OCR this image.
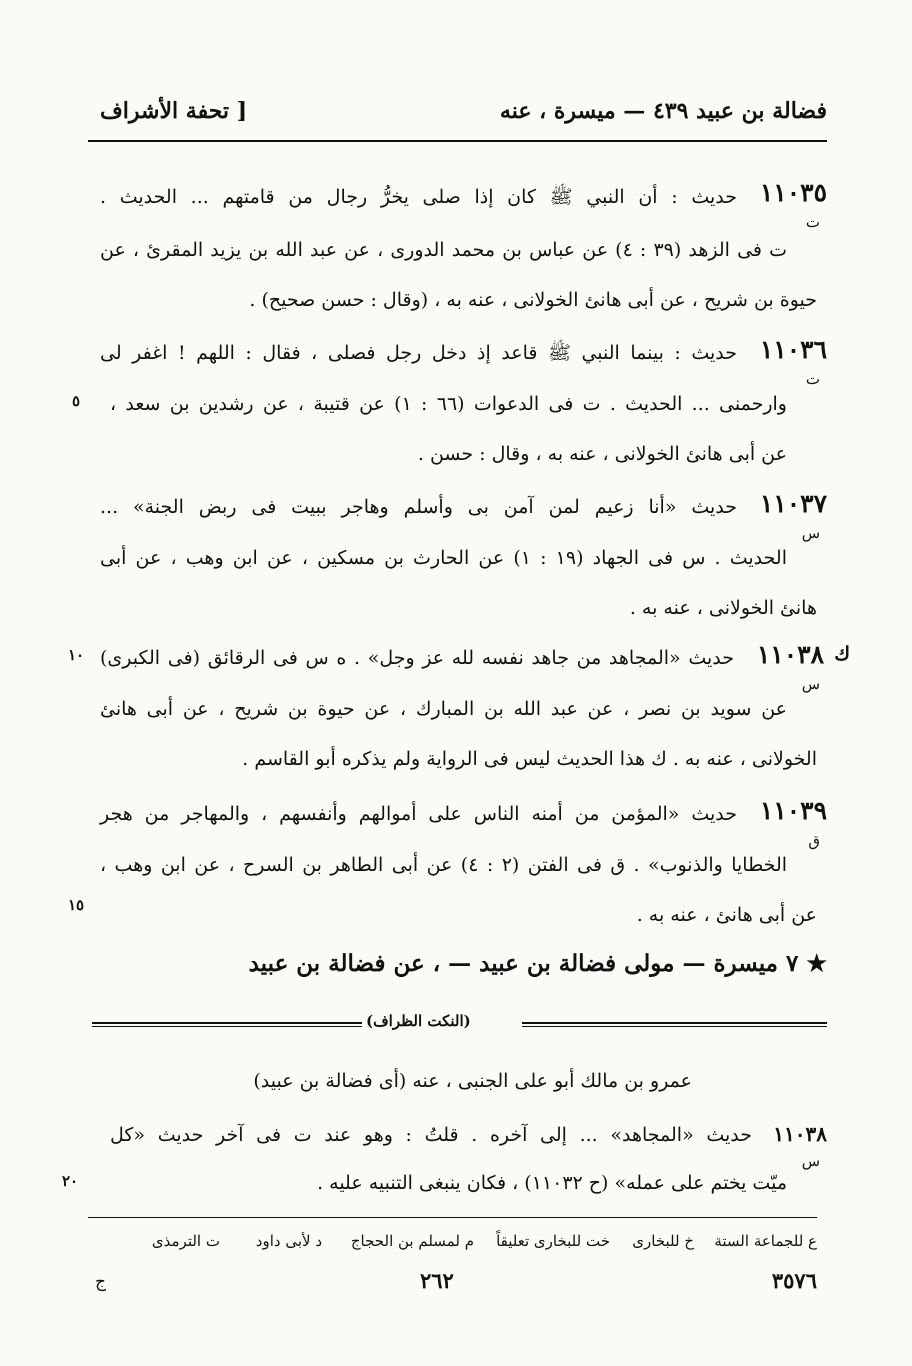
فضالة بن عبيد ٤٣٩ — ميسرة ، عنه
[ تحفة الأشراف
١١٠٣٥
ت
حديث : أن النبي ﷺ كان إذا صلى يخرُّ رجال من قامتهم ... الحديث .
ت فى الزهد (٣٩ : ٤) عن عباس بن محمد الدورى ، عن عبد الله بن يزيد المقرئ ، عن
حيوة بن شريح ، عن أبى هانئ الخولانى ، عنه به ، (وقال : حسن صحيح) .
١١٠٣٦
ت
حديث : بينما النبي ﷺ قاعد إذ دخل رجل فصلى ، فقال : اللهم ! اغفر لى
وارحمنى ... الحديث . ت فى الدعوات (٦٦ : ١) عن قتيبة ، عن رشدين بن سعد ،
عن أبى هانئ الخولانى ، عنه به ، وقال : حسن .
١١٠٣٧
س
حديث «أنا زعيم لمن آمن بى وأسلم وهاجر ببيت فى ربض الجنة» ...
الحديث . س فى الجهاد (١٩ : ١) عن الحارث بن مسكين ، عن ابن وهب ، عن أبى
هانئ الخولانى ، عنه به .
ك
١١٠٣٨
س
حديث «المجاهد من جاهد نفسه لله عز وجل» . ه س فى الرقائق (فى الكبرى)
عن سويد بن نصر ، عن عبد الله بن المبارك ، عن حيوة بن شريح ، عن أبى هانئ
الخولانى ، عنه به . ك هذا الحديث ليس فى الرواية ولم يذكره أبو القاسم .
١١٠٣٩
ق
حديث «المؤمن من أمنه الناس على أموالهم وأنفسهم ، والمهاجر من هجر
الخطايا والذنوب» . ق فى الفتن (٢ : ٤) عن أبى الطاهر بن السرح ، عن ابن وهب ،
عن أبى هانئ ، عنه به .
★ ٧ ميسرة — مولى فضالة بن عبيد — ، عن فضالة بن عبيد
(النكت الظراف)
عمرو بن مالك أبو على الجنبى ، عنه (أى فضالة بن عبيد)
١١٠٣٨
س
حديث «المجاهد» ... إلى آخره . قلتُ : وهو عند ت فى آخر حديث «كل
ميّت يختم على عمله» (ح ١١٠٣٢) ، فكان ينبغى التنبيه عليه .
٥
١٠
١٥
٢٠
ع للجماعة الستة
خ للبخارى
خت للبخارى تعليقاً
م لمسلم بن الحجاج
د لأبى داود
ت الترمذى
ج	٢٦٢	٣٥٧٦
